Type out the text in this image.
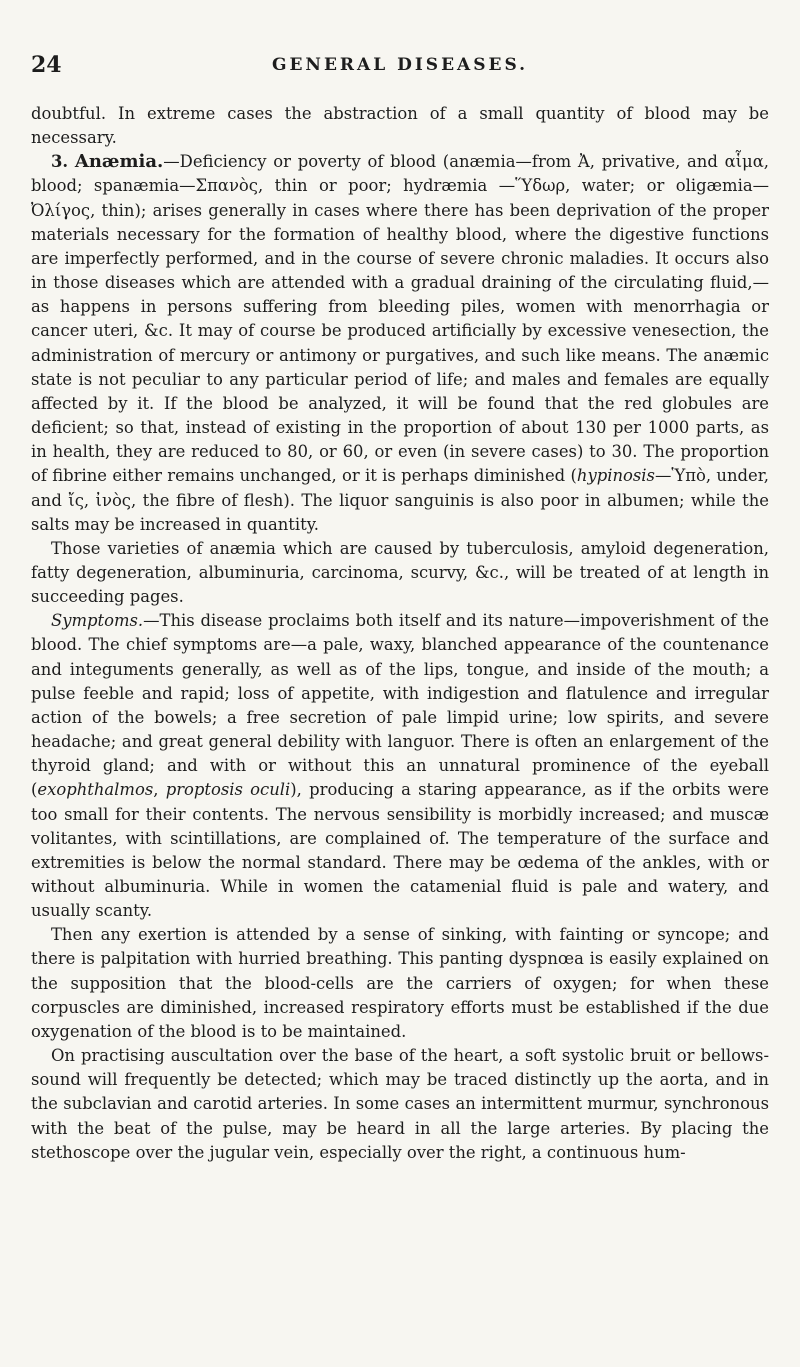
24	GENERAL DISEASES.

doubtful. In extreme cases the abstraction of a small quantity of blood may be necessary.

3. Anæmia.—Deficiency or poverty of blood (anæmia—from Ἀ, privative, and αἷμα, blood; spanæmia—Σπανὸς, thin or poor; hydræmia —Ὕδωρ, water; or oligæmia—Ὀλίγος, thin); arises generally in cases where there has been deprivation of the proper materials necessary for the formation of healthy blood, where the digestive functions are imperfectly performed, and in the course of severe chronic maladies. It occurs also in those diseases which are attended with a gradual draining of the circulating fluid,—as happens in persons suffering from bleeding piles, women with menorrhagia or cancer uteri, &c. It may of course be produced artificially by excessive venesection, the administration of mercury or antimony or purgatives, and such like means. The anæmic state is not peculiar to any particular period of life; and males and females are equally affected by it. If the blood be analyzed, it will be found that the red globules are deficient; so that, instead of existing in the proportion of about 130 per 1000 parts, as in health, they are reduced to 80, or 60, or even (in severe cases) to 30. The proportion of fibrine either remains unchanged, or it is perhaps diminished (hypinosis—Ὑπὸ, under, and ἴς, ἰνὸς, the fibre of flesh). The liquor sanguinis is also poor in albumen; while the salts may be increased in quantity.

Those varieties of anæmia which are caused by tuberculosis, amyloid degeneration, fatty degeneration, albuminuria, carcinoma, scurvy, &c., will be treated of at length in succeeding pages.

Symptoms.—This disease proclaims both itself and its nature—impoverishment of the blood. The chief symptoms are—a pale, waxy, blanched appearance of the countenance and integuments generally, as well as of the lips, tongue, and inside of the mouth; a pulse feeble and rapid; loss of appetite, with indigestion and flatulence and irregular action of the bowels; a free secretion of pale limpid urine; low spirits, and severe headache; and great general debility with languor. There is often an enlargement of the thyroid gland; and with or without this an unnatural prominence of the eyeball (exophthalmos, proptosis oculi), producing a staring appearance, as if the orbits were too small for their contents. The nervous sensibility is morbidly increased; and muscæ volitantes, with scintillations, are complained of. The temperature of the surface and extremities is below the normal standard. There may be œdema of the ankles, with or without albuminuria. While in women the catamenial fluid is pale and watery, and usually scanty.

Then any exertion is attended by a sense of sinking, with fainting or syncope; and there is palpitation with hurried breathing. This panting dyspnœa is easily explained on the supposition that the blood-cells are the carriers of oxygen; for when these corpuscles are diminished, increased respiratory efforts must be established if the due oxygenation of the blood is to be maintained.

On practising auscultation over the base of the heart, a soft systolic bruit or bellows-sound will frequently be detected; which may be traced distinctly up the aorta, and in the subclavian and carotid arteries. In some cases an intermittent murmur, synchronous with the beat of the pulse, may be heard in all the large arteries. By placing the stethoscope over the jugular vein, especially over the right, a continuous hum-
